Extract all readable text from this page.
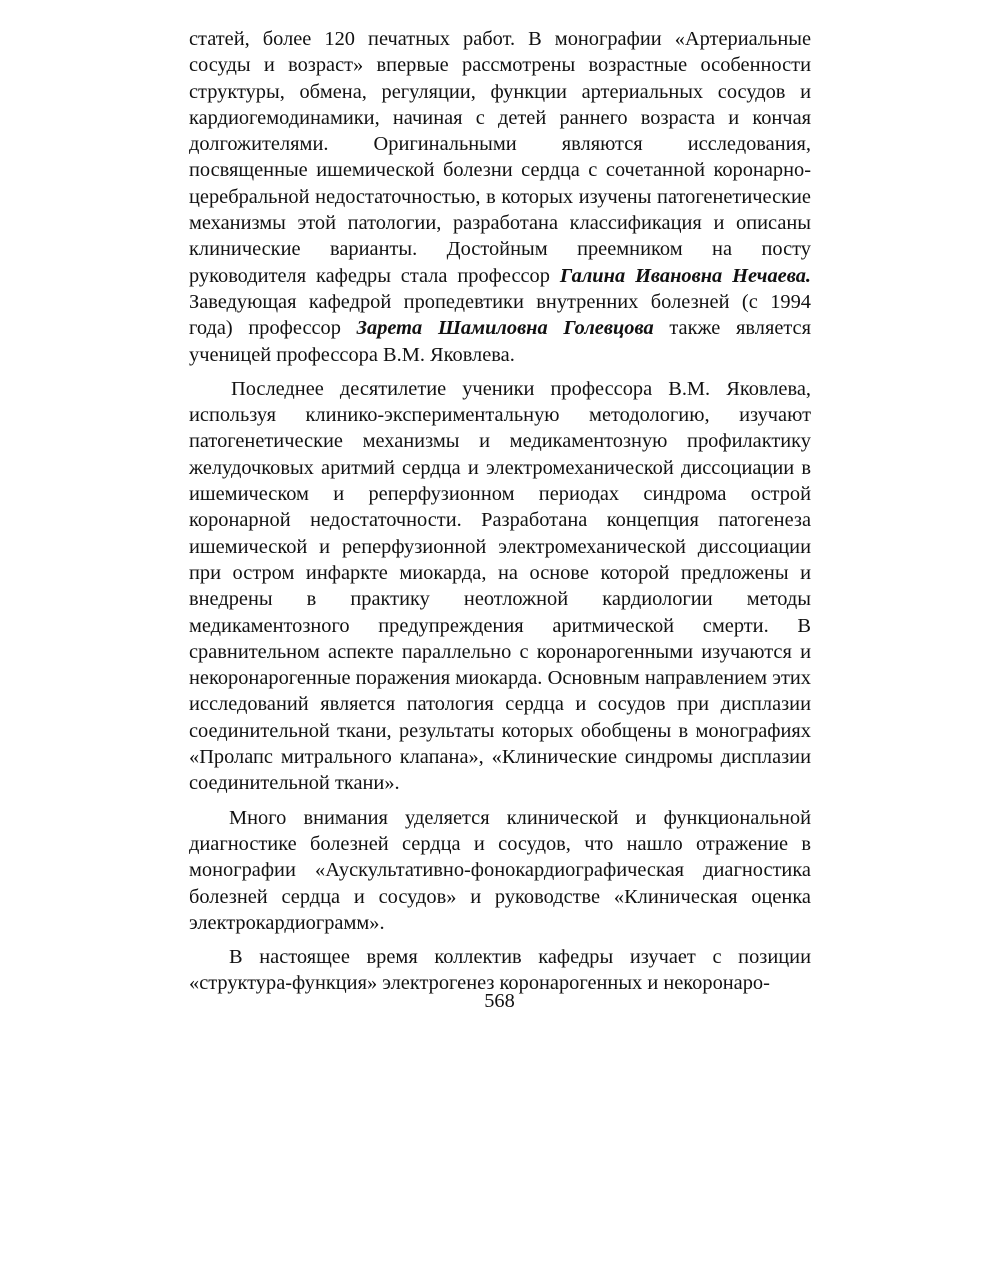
статей, более 120 печатных работ. В монографии «Артериальные сосуды и возраст» впервые рассмотрены возрастные особенности структуры, обмена, регуляции, функции артериальных сосудов и кардиогемодинамики, начиная с детей раннего возраста и кончая долгожителями. Оригинальными являются исследования, посвященные ишемической болезни сердца с сочетанной коронарно-церебральной недостаточностью, в которых изучены патогенетические механизмы этой патологии, разработана классификация и описаны клинические варианты. Достойным преемником на посту руководителя кафедры стала профессор Галина Ивановна Нечаева. Заведующая кафедрой пропедевтики внутренних болезней (с 1994 года) профессор Зарета Шамиловна Голевцова также является ученицей профессора В.М. Яковлева.

Последнее десятилетие ученики профессора В.М. Яковлева, используя клинико-экспериментальную методологию, изучают патогенетические механизмы и медикаментозную профилактику желудочковых аритмий сердца и электромеханической диссоциации в ишемическом и реперфузионном периодах синдрома острой коронарной недостаточности. Разработана концепция патогенеза ишемической и реперфузионной электромеханической диссоциации при остром инфаркте миокарда, на основе которой предложены и внедрены в практику неотложной кардиологии методы медикаментозного предупреждения аритмической смерти. В сравнительном аспекте параллельно с коронарогенными изучаются и некоронарогенные поражения миокарда. Основным направлением этих исследований является патология сердца и сосудов при дисплазии соединительной ткани, результаты которых обобщены в монографиях «Пролапс митрального клапана», «Клинические синдромы дисплазии соединительной ткани».

Много внимания уделяется клинической и функциональной диагностике болезней сердца и сосудов, что нашло отражение в монографии «Аускультативно-фонокардиографическая диагностика болезней сердца и сосудов» и руководстве «Клиническая оценка электрокардиограмм».

В настоящее время коллектив кафедры изучает с позиции «структура-функция» электрогенез коронарогенных и некоронаро-

568
